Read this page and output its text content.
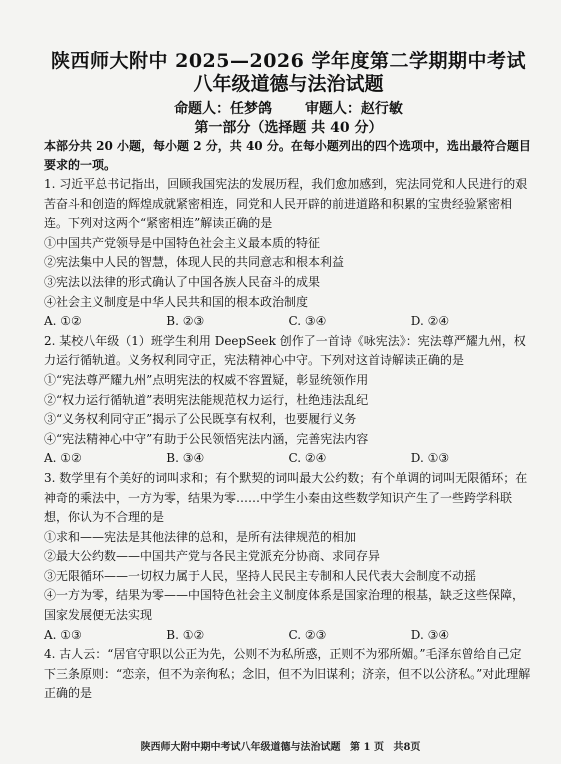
陕西师大附中 2025—2026 学年度第二学期期中考试
八年级道德与法治试题
命题人：任梦鸽 审题人：赵行敏
第一部分（选择题 共 40 分）
本部分共 20 小题，每小题 2 分，共 40 分。在每小题列出的四个选项中，选出最符合题目要求的一项。
1. 习近平总书记指出，回顾我国宪法的发展历程，我们愈加感到，宪法同党和人民进行的艰苦奋斗和创造的辉煌成就紧密相连，同党和人民开辟的前进道路和积累的宝贵经验紧密相连。下列对这两个“紧密相连”解读正确的是
①中国共产党领导是中国特色社会主义最本质的特征
②宪法集中人民的智慧，体现人民的共同意志和根本利益
③宪法以法律的形式确认了中国各族人民奋斗的成果
④社会主义制度是中华人民共和国的根本政治制度
A. ①②	B. ②③	C. ③④	D. ②④
2. 某校八年级（1）班学生利用 DeepSeek 创作了一首诗《咏宪法》：宪法尊严耀九州，权力运行循轨道。义务权利同守正，宪法精神心中守。下列对这首诗解读正确的是
①“宪法尊严耀九州”点明宪法的权威不容置疑，彰显统领作用
②“权力运行循轨道”表明宪法能规范权力运行，杜绝违法乱纪
③“义务权利同守正”揭示了公民既享有权利，也要履行义务
④“宪法精神心中守”有助于公民领悟宪法内涵，完善宪法内容
A. ①②	B. ③④	C. ②④	D. ①③
3. 数学里有个美好的词叫求和；有个默契的词叫最大公约数；有个单调的词叫无限循环；在神奇的乘法中，一方为零，结果为零……中学生小秦由这些数学知识产生了一些跨学科联想，你认为不合理的是
①求和——宪法是其他法律的总和，是所有法律规范的相加
②最大公约数——中国共产党与各民主党派充分协商、求同存异
③无限循环——一切权力属于人民，坚持人民民主专制和人民代表大会制度不动摇
④一方为零，结果为零——中国特色社会主义制度体系是国家治理的根基，缺乏这些保障，国家发展便无法实现
A. ①③	B. ①②	C. ②③	D. ③④
4. 古人云：“居官守职以公正为先，公则不为私所惑，正则不为邪所媚。”毛泽东曾给自己定下三条原则：“恋亲，但不为亲徇私；念旧，但不为旧谋利；济亲，但不以公济私。”对此理解正确的是
陕西师大附中期中考试八年级道德与法治试题 第 1 页 共8页
